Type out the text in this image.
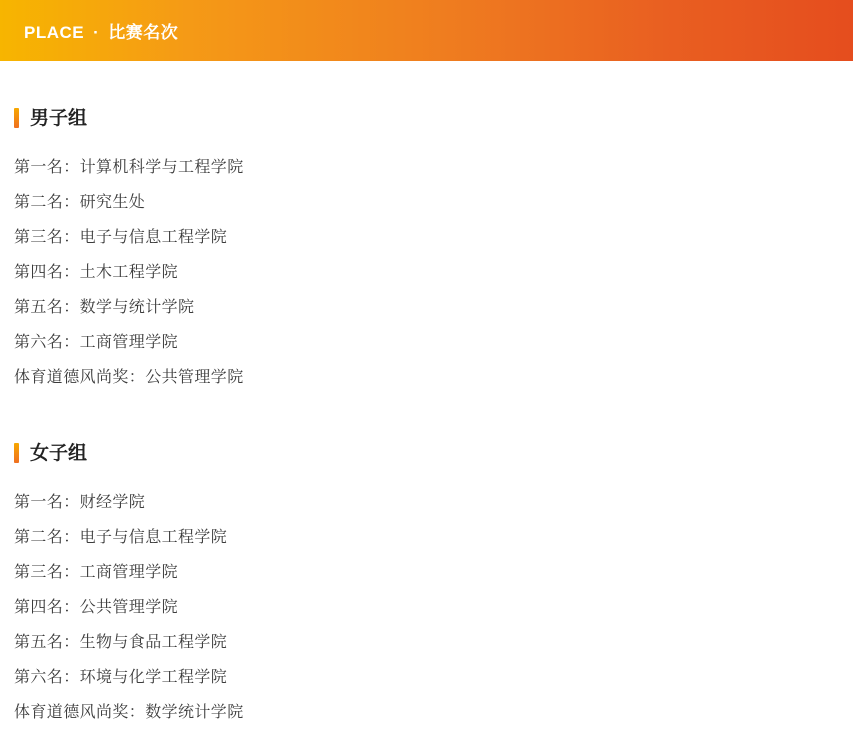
PLACE · 比赛名次
男子组
第一名：计算机科学与工程学院
第二名：研究生处
第三名：电子与信息工程学院
第四名：土木工程学院
第五名：数学与统计学院
第六名：工商管理学院
体育道德风尚奖：公共管理学院
女子组
第一名：财经学院
第二名：电子与信息工程学院
第三名：工商管理学院
第四名：公共管理学院
第五名：生物与食品工程学院
第六名：环境与化学工程学院
体育道德风尚奖：数学统计学院
